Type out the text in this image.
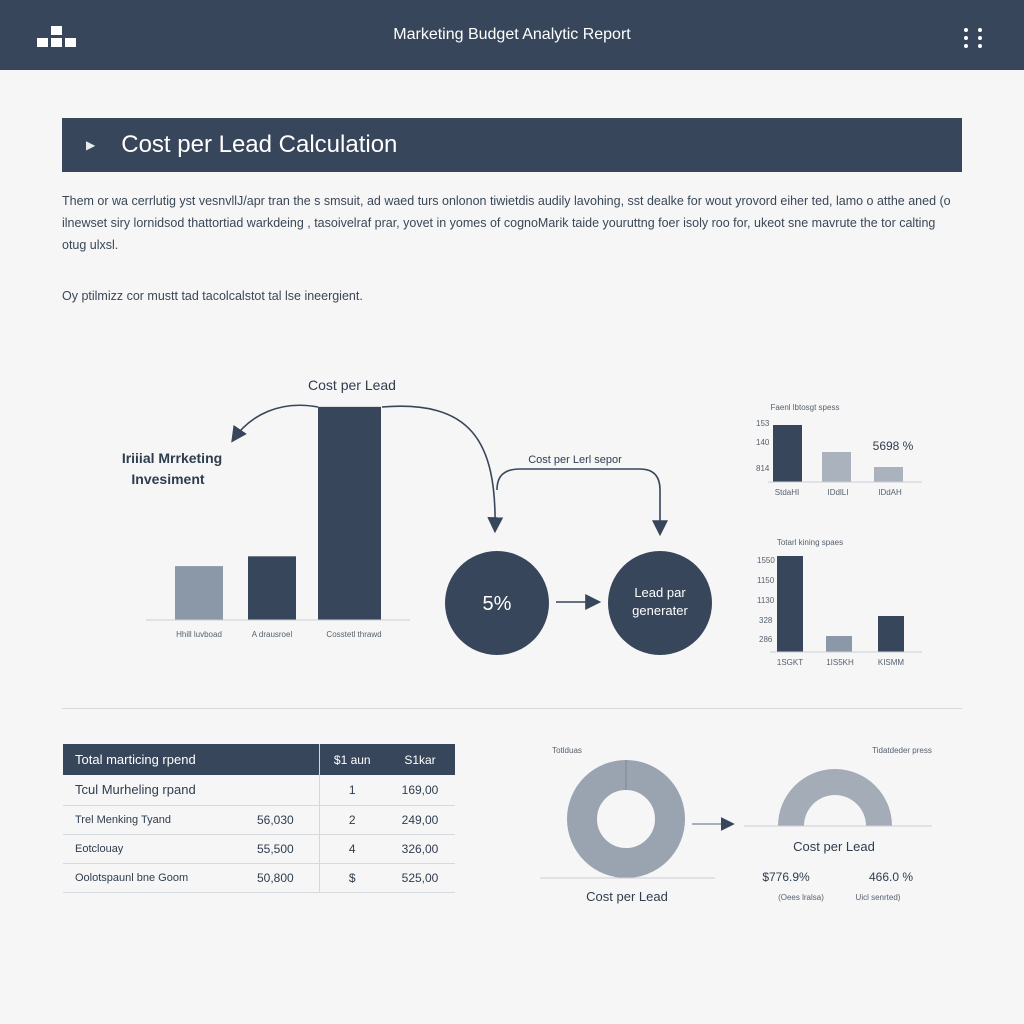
Marketing Budget Analytic Report
▶ Cost per Lead Calculation
Them or wa cerrlutig yst vesnvllJ/apr tran the s smsuit, ad waed turs onlonon tiwietdis audily lavohing, sst dealke for wout yrovord eiher ted, lamo o atthe aned (o ilnewset siry lornidsod thattortiad warkdeing , tasoivelraf prar, yovet in yomes of cognoMarik taide youruttng foer isoly roo for, ukeot sne mavrute the tor calting otug ulxsl.
Oy ptilmizz cor mustt tad tacolcalstot tal lse ineergient.
Cost per Lead
Iriiial Mrrketing
Invesiment
Cost per Lerl sepor
Hhill luvboad	A drausroel	Cosstetl thrawd
5%
Lead par
generater
Faenl lbtosgt spess
153
140
814
5698 %
StdaHI	IDdlLI	IDdAH
Totarl kining spaes
1550
1150
1130
328
286
1SGKT	1IS5KH	KISMM
Totlduas
Cost per Lead
Tidatdeder press
Cost per Lead
$776.9%	466.0 %
(Oees lralsa)	Uicl senrted)
Total marticing rpend		$1 aun	S1kar
Tcul Murheling rpand		1	169,00
Trel Menking Tyand	56,030	2	249,00
Eotclouay	55,500	4	326,00
Oolotspaunl bne Goom	50,800	$	525,00
